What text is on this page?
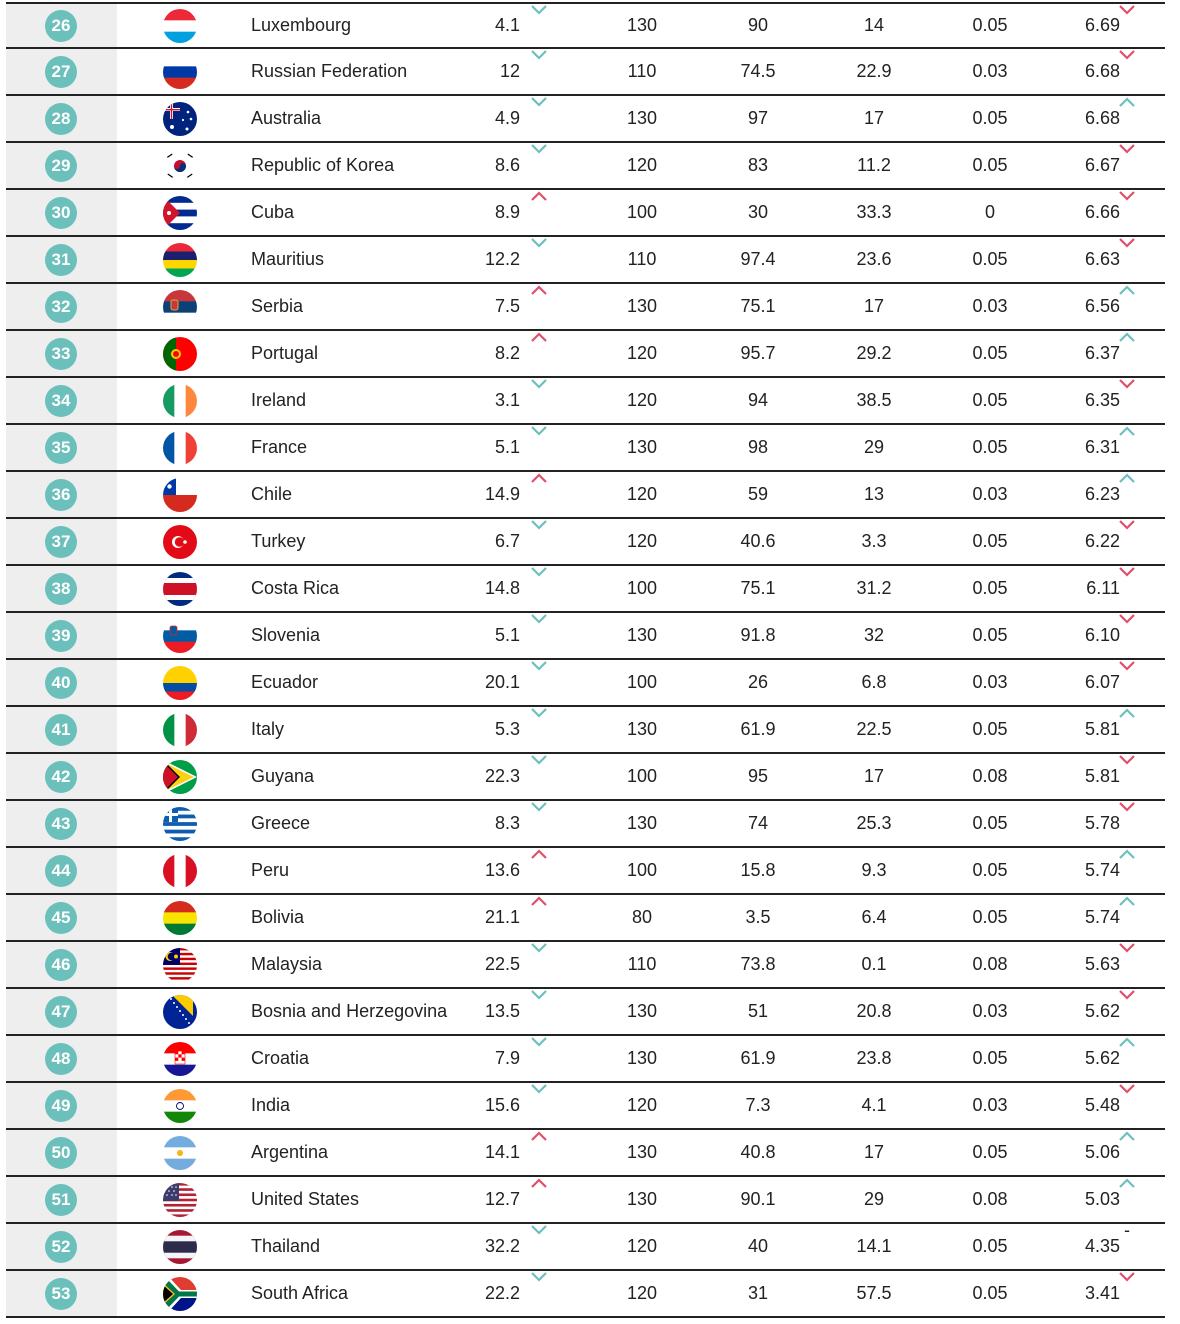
26	Luxembourg	4.1	130	90	14	0.05	6.69
27	Russian Federation	12	110	74.5	22.9	0.03	6.68
28	Australia	4.9	130	97	17	0.05	6.68
29	Republic of Korea	8.6	120	83	11.2	0.05	6.67
30	Cuba	8.9	100	30	33.3	0	6.66
31	Mauritius	12.2	110	97.4	23.6	0.05	6.63
32	Serbia	7.5	130	75.1	17	0.03	6.56
33	Portugal	8.2	120	95.7	29.2	0.05	6.37
34	Ireland	3.1	120	94	38.5	0.05	6.35
35	France	5.1	130	98	29	0.05	6.31
36	Chile	14.9	120	59	13	0.03	6.23
37	Turkey	6.7	120	40.6	3.3	0.05	6.22
38	Costa Rica	14.8	100	75.1	31.2	0.05	6.11
39	Slovenia	5.1	130	91.8	32	0.05	6.10
40	Ecuador	20.1	100	26	6.8	0.03	6.07
41	Italy	5.3	130	61.9	22.5	0.05	5.81
42	Guyana	22.3	100	95	17	0.08	5.81
43	Greece	8.3	130	74	25.3	0.05	5.78
44	Peru	13.6	100	15.8	9.3	0.05	5.74
45	Bolivia	21.1	80	3.5	6.4	0.05	5.74
46	Malaysia	22.5	110	73.8	0.1	0.08	5.63
47	Bosnia and Herzegovina	13.5	130	51	20.8	0.03	5.62
48	Croatia	7.9	130	61.9	23.8	0.05	5.62
49	India	15.6	120	7.3	4.1	0.03	5.48
50	Argentina	14.1	130	40.8	17	0.05	5.06
51	United States	12.7	130	90.1	29	0.08	5.03
52	Thailand	32.2	120	40	14.1	0.05	4.35
-
53	South Africa	22.2	120	31	57.5	0.05	3.41
